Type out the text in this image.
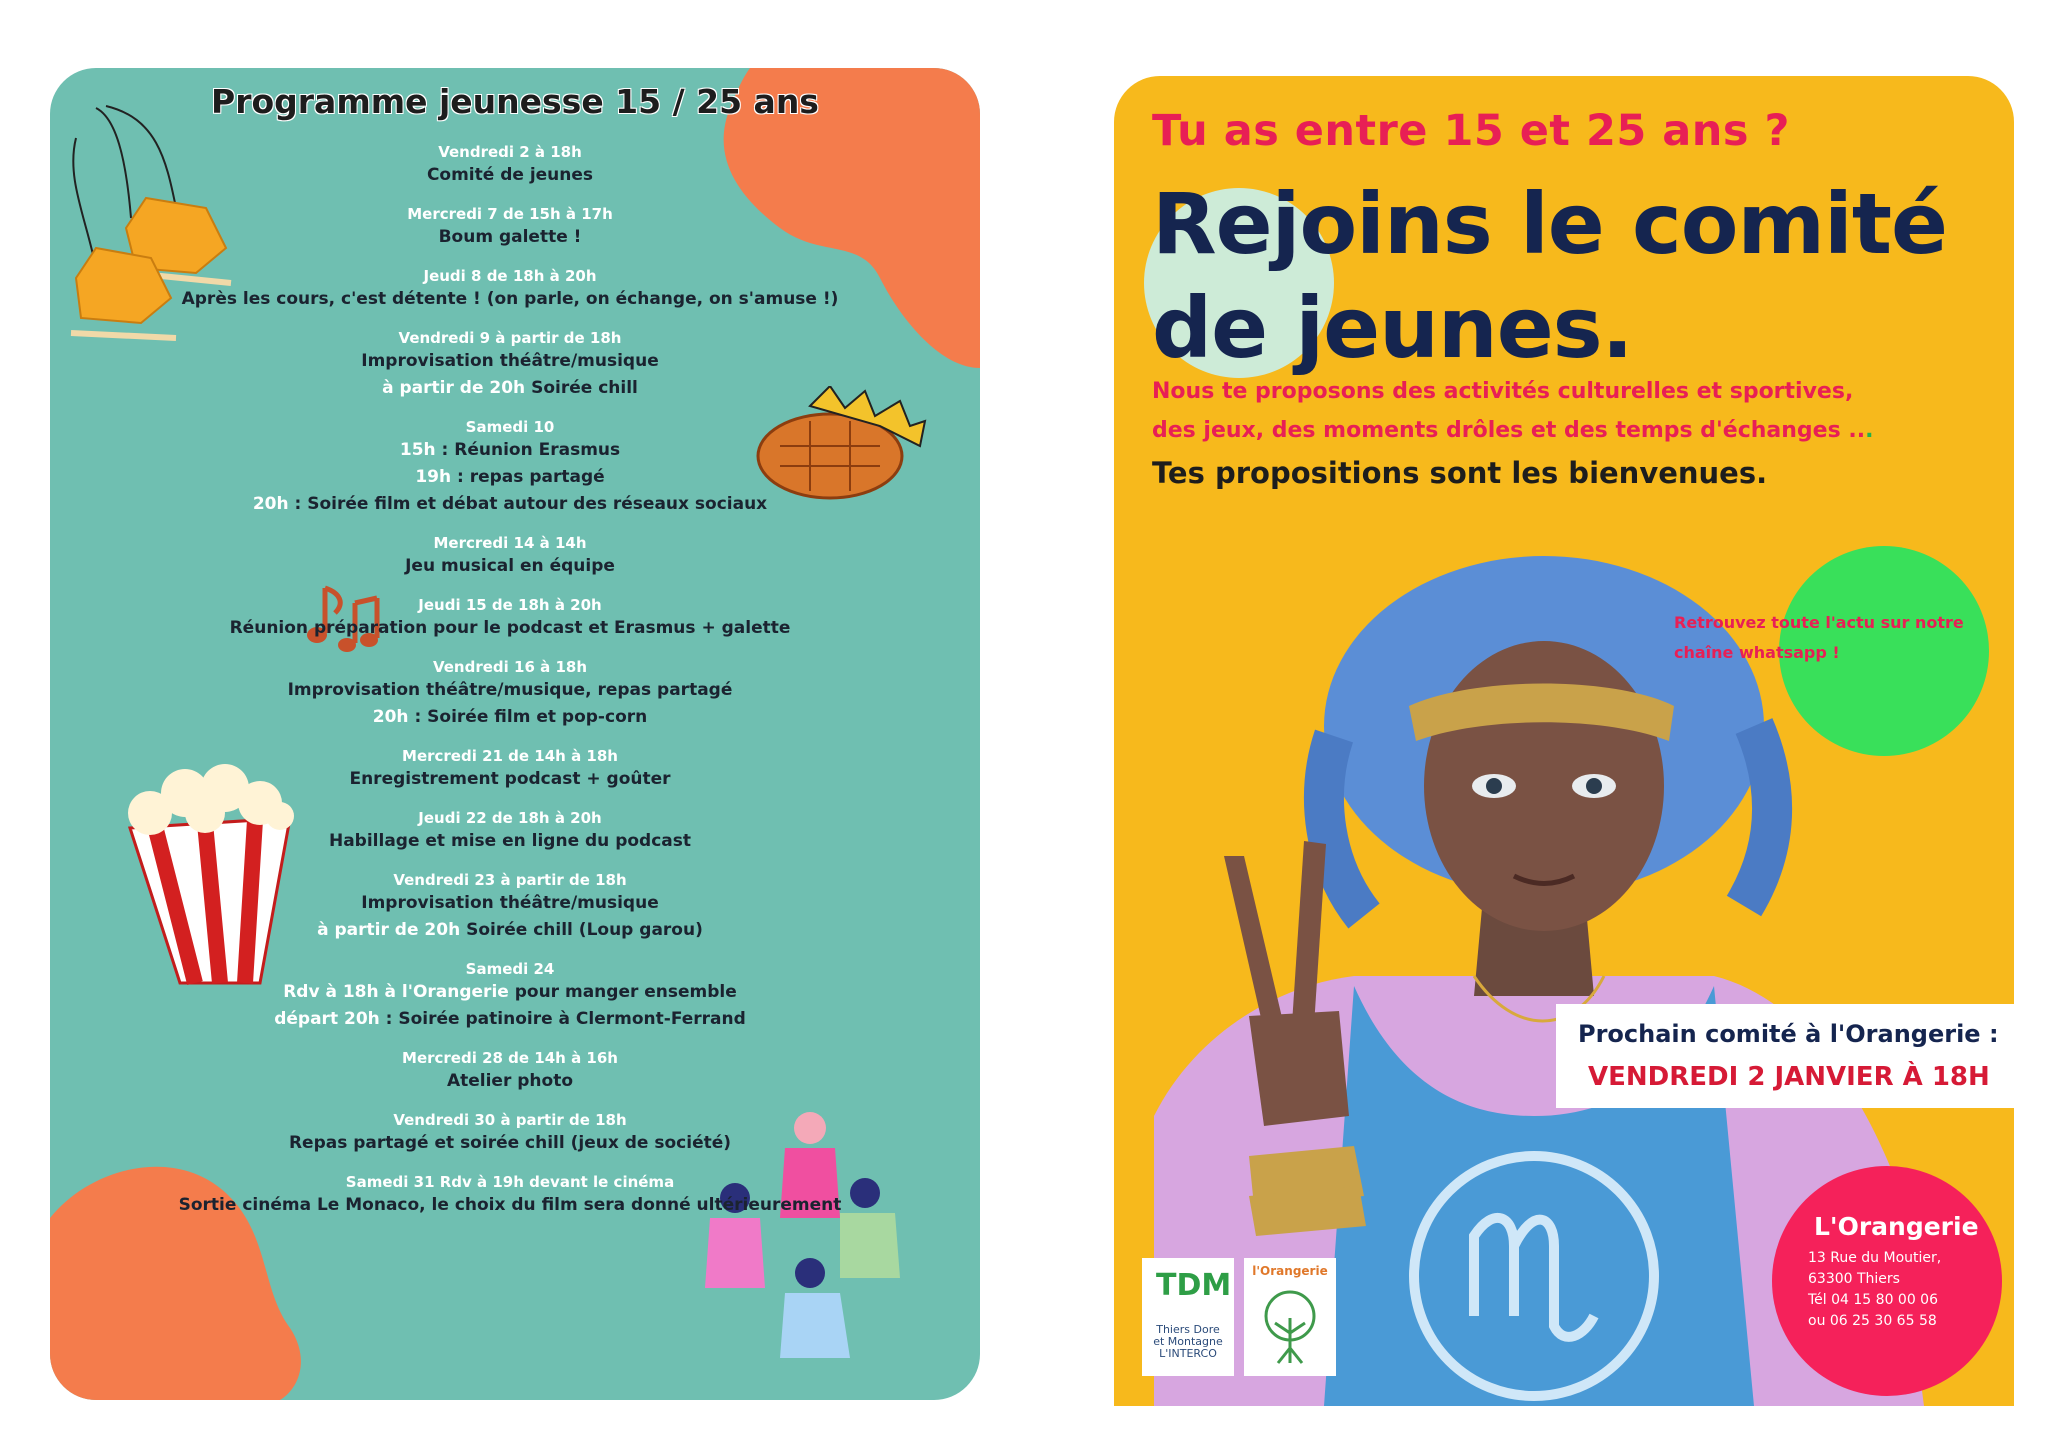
Programme jeunesse 15 / 25 ans
Vendredi 2 à 18h
Comité de jeunes
Mercredi 7 de 15h à 17h
Boum galette !
Jeudi 8 de 18h à 20h
Après les cours, c'est détente ! (on parle, on échange, on s'amuse !)
Vendredi 9 à partir de 18h
Improvisation théâtre/musique
à partir de 20h Soirée chill
Samedi 10
15h : Réunion Erasmus
19h : repas partagé
20h : Soirée film et débat autour des réseaux sociaux
Mercredi 14 à 14h
Jeu musical en équipe
Jeudi 15 de 18h à 20h
Réunion préparation pour le podcast et Erasmus + galette
Vendredi 16 à 18h
Improvisation théâtre/musique, repas partagé
20h : Soirée film et pop-corn
Mercredi 21 de 14h à 18h
Enregistrement podcast + goûter
Jeudi 22 de 18h à 20h
Habillage et mise en ligne du podcast
Vendredi 23 à partir de 18h
Improvisation théâtre/musique
à partir de 20h Soirée chill (Loup garou)
Samedi 24
Rdv à 18h à l'Orangerie pour manger ensemble
départ 20h : Soirée patinoire à Clermont-Ferrand
Mercredi 28 de 14h à 16h
Atelier photo
Vendredi 30 à partir de 18h
Repas partagé et soirée chill (jeux de société)
Samedi 31 Rdv à 19h devant le cinéma
Sortie cinéma Le Monaco, le choix du film sera donné ultérieurement
Tu as entre 15 et 25 ans ?
Rejoins le comité
de jeunes.

Nous te proposons des activités culturelles et sportives,
des jeux, des moments drôles et des temps d'échanges ...

Tes propositions sont les bienvenues.

Retrouvez toute l'actu sur notre
chaîne whatsapp !

Prochain comité à l'Orangerie :

VENDREDI 2 JANVIER À 18H

L'Orangerie

13 Rue du Moutier,
63300 Thiers
Tél 04 15 80 00 06
ou 06 25 30 65 58

TDM
Thiers Dore
et Montagne
L'INTERCO
l'Orangerie
